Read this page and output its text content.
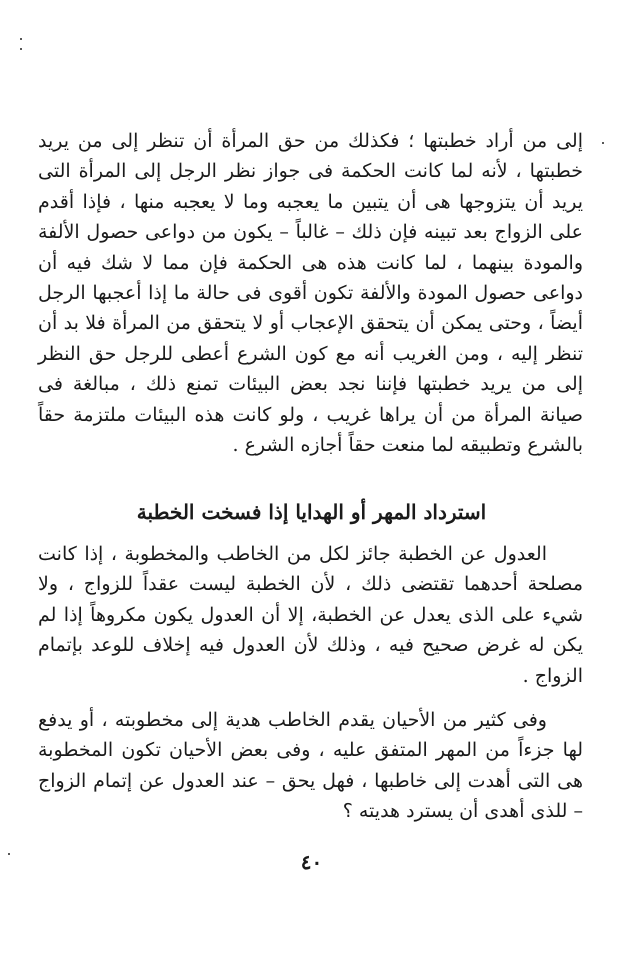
إلى من أراد خطبتها ؛ فكذلك من حق المرأة أن تنظر إلى من يريد خطبتها ، لأنه لما كانت الحكمة فى جواز نظر الرجل إلى المرأة التى يريد أن يتزوجها هى أن يتبين ما يعجبه وما لا يعجبه منها ، فإذا أقدم على الزواج بعد تبينه فإن ذلك – غالباً – يكون من دواعى حصول الألفة والمودة بينهما ، لما كانت هذه هى الحكمة فإن مما لا شك فيه أن دواعى حصول المودة والألفة تكون أقوى فى حالة ما إذا أعجبها الرجل أيضاً ، وحتى يمكن أن يتحقق الإعجاب أو لا يتحقق من المرأة فلا بد أن تنظر إليه ، ومن الغريب أنه مع كون الشرع أعطى للرجل حق النظر إلى من يريد خطبتها فإننا نجد بعض البيئات تمنع ذلك ، مبالغة فى صيانة المرأة من أن يراها غريب ، ولو كانت هذه البيئات ملتزمة حقاً بالشرع وتطبيقه لما منعت حقاً أجازه الشرع .
استرداد المهر أو الهدايا إذا فسخت الخطبة
العدول عن الخطبة جائز لكل من الخاطب والمخطوبة ، إذا كانت مصلحة أحدهما تقتضى ذلك ، لأن الخطبة ليست عقداً للزواج ، ولا شيء على الذى يعدل عن الخطبة، إلا أن العدول يكون مكروهاً إذا لم يكن له غرض صحيح فيه ، وذلك لأن العدول فيه إخلاف للوعد بإتمام الزواج .
وفى كثير من الأحيان يقدم الخاطب هدية إلى مخطوبته ، أو يدفع لها جزءاً من المهر المتفق عليه ، وفى بعض الأحيان تكون المخطوبة هى التى أهدت إلى خاطبها ، فهل يحق – عند العدول عن إتمام الزواج – للذى أهدى أن يسترد هديته ؟
٤٠
